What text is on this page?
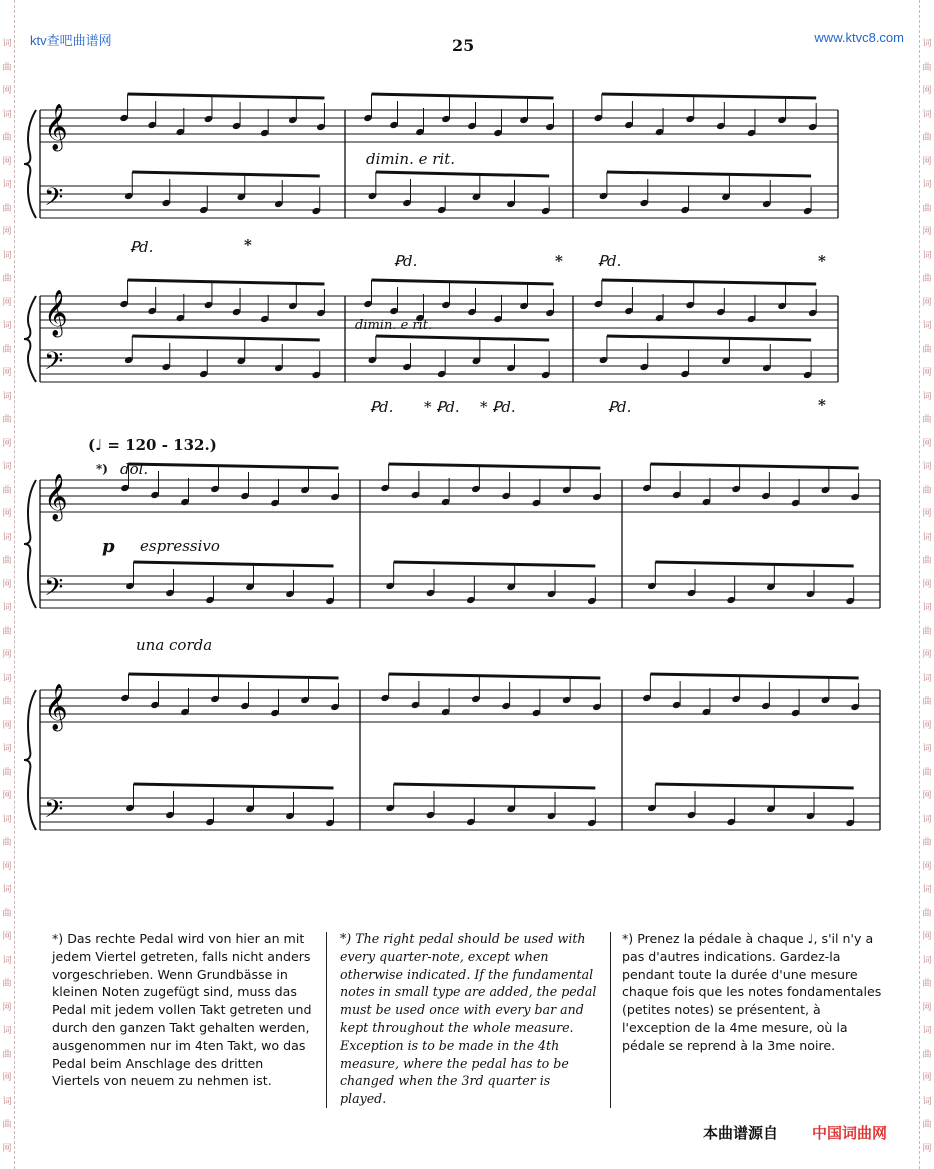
词
曲
网
词
曲
网
词
曲
网
词
曲
网
词
曲
网
词
曲
网
词
曲
网
词
曲
网
词
曲
网
词
曲
网
词
曲
网
词
曲
网
词
曲
网
词
曲
网
词
曲
网
词
曲
网
词
曲
网
词
曲
网
词
曲
网
词
曲
网
词
曲
网
词
曲
网
词
曲
网
词
曲
网
词
曲
网
词
曲
网
词
曲
网
词
曲
网
词
曲
网
词
曲
网
词
曲
网
词
曲
网
ktv查吧曲谱网	www.ktvc8.com
25
𝄞
𝄢
𝄞
𝄢
𝄞
𝄢
𝄞
𝄢
dimin. e rit.
Ꝑd.	*
Ꝑd.	* Ꝑd.	*
dimin. e rit.
Ꝑd. * Ꝑd. * Ꝑd.	Ꝑd.	*
(♩ = 120 - 132.)
*) dol.
p espressivo
una corda
*) Das rechte Pedal wird von hier an mit jedem Viertel getreten, falls nicht anders vorgeschrieben. Wenn Grundbässe in kleinen Noten zugefügt sind, muss das Pedal mit jedem vollen Takt getreten und durch den ganzen Takt gehalten werden, ausgenommen nur im 4ten Takt, wo das Pedal beim Anschlage des dritten Viertels von neuem zu nehmen ist.
*) The right pedal should be used with every quarter-note, except when otherwise indicated. If the fundamental notes in small type are added, the pedal must be used once with every bar and kept throughout the whole measure. Exception is to be made in the 4th measure, where the pedal has to be changed when the 3rd quarter is played.
*) Prenez la pédale à chaque ♩, s'il n'y a pas d'autres indications. Gardez-la pendant toute la durée d'une mesure chaque fois que les notes fondamentales (petites notes) se présentent, à l'exception de la 4me mesure, où la pédale se reprend à la 3me noire.
本曲谱源自 中国词曲网
